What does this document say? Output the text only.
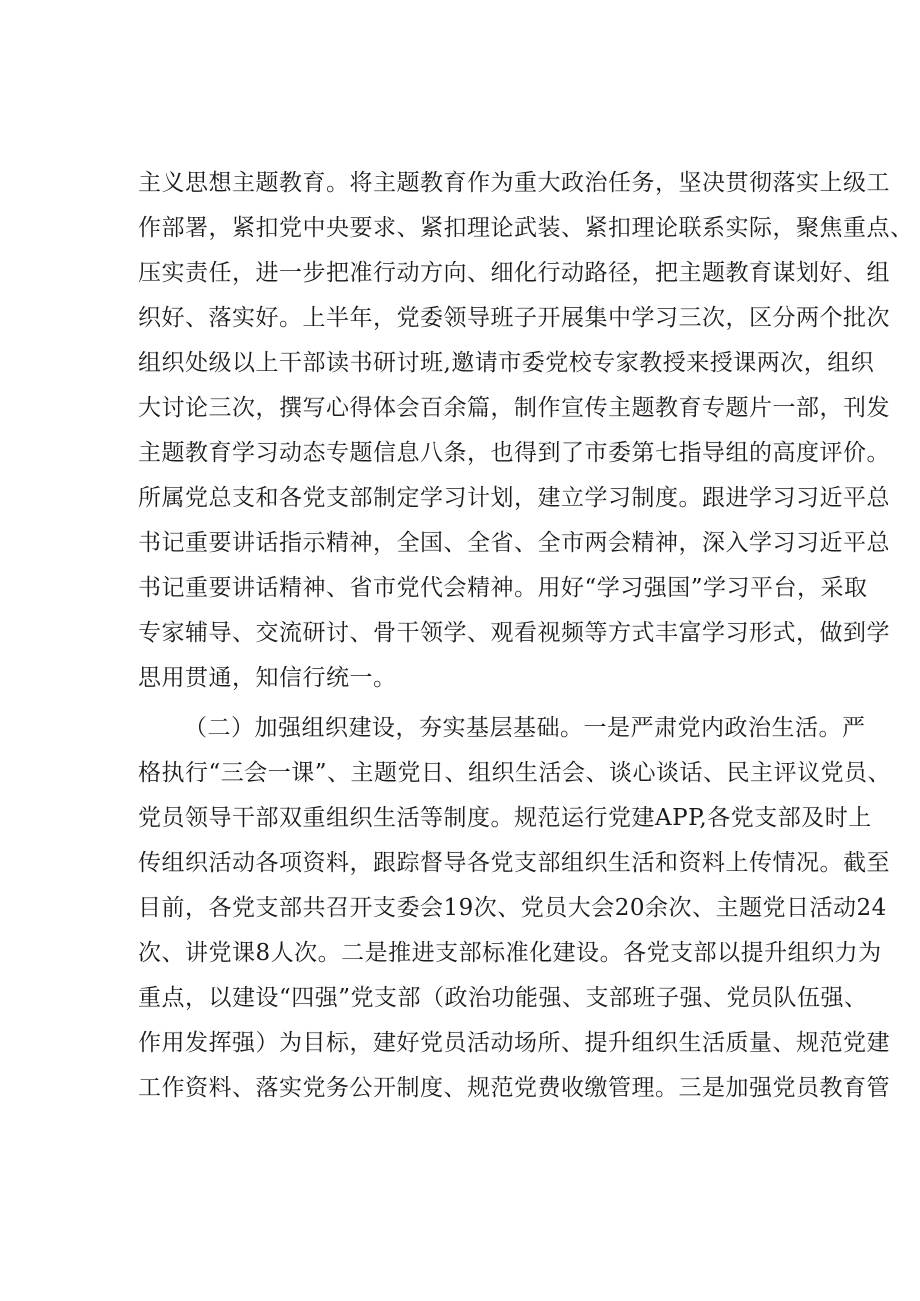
主义思想主题教育。将主题教育作为重大政治任务，坚决贯彻落实上级工
作部署，紧扣党中央要求、紧扣理论武装、紧扣理论联系实际，聚焦重点、
压实责任，进一步把准行动方向、细化行动路径，把主题教育谋划好、组
织好、落实好。上半年，党委领导班子开展集中学习三次，区分两个批次
组织处级以上干部读书研讨班,邀请市委党校专家教授来授课两次，组织
大讨论三次，撰写心得体会百余篇，制作宣传主题教育专题片一部，刊发
主题教育学习动态专题信息八条，也得到了市委第七指导组的高度评价。
所属党总支和各党支部制定学习计划，建立学习制度。跟进学习习近平总
书记重要讲话指示精神，全国、全省、全市两会精神，深入学习习近平总
书记重要讲话精神、省市党代会精神。用好“学习强国”学习平台，采取
专家辅导、交流研讨、骨干领学、观看视频等方式丰富学习形式，做到学
思用贯通，知信行统一。
（二）加强组织建设，夯实基层基础。一是严肃党内政治生活。严
格执行“三会一课”、主题党日、组织生活会、谈心谈话、民主评议党员、
党员领导干部双重组织生活等制度。规范运行党建APP,各党支部及时上
传组织活动各项资料，跟踪督导各党支部组织生活和资料上传情况。截至
目前，各党支部共召开支委会19次、党员大会20余次、主题党日活动24
次、讲党课8人次。二是推进支部标准化建设。各党支部以提升组织力为
重点，以建设“四强”党支部（政治功能强、支部班子强、党员队伍强、
作用发挥强）为目标，建好党员活动场所、提升组织生活质量、规范党建
工作资料、落实党务公开制度、规范党费收缴管理。三是加强党员教育管
